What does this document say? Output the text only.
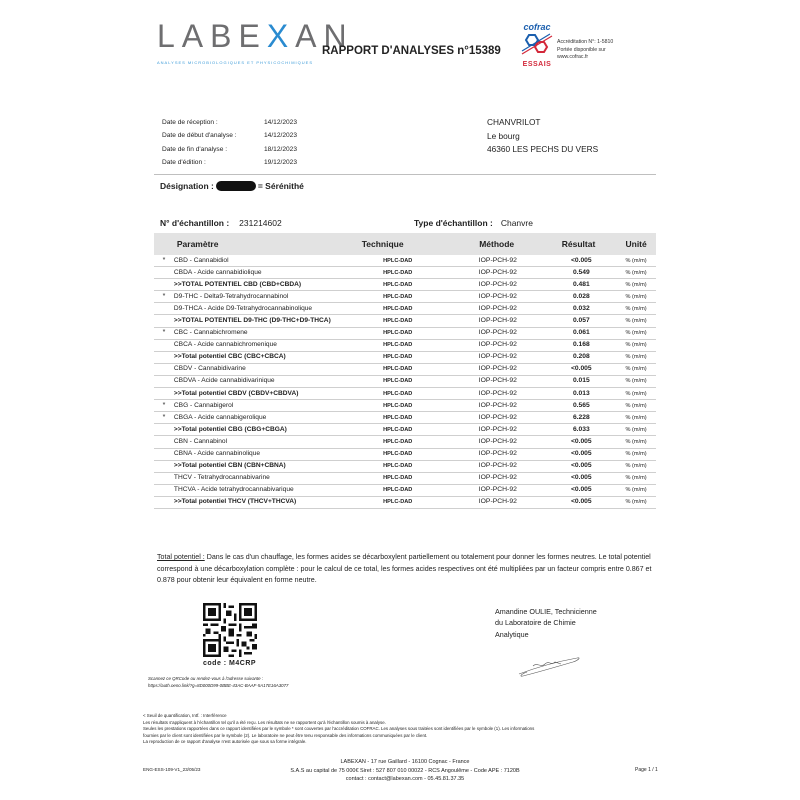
LABEXAN
ANALYSES MICROBIOLOGIQUES ET PHYSICOCHIMIQUES
RAPPORT D'ANALYSES n°15389
cofrac
ESSAIS
Accréditation N°: 1-5810
Portée disponible sur
www.cofrac.fr
Date de réception :	14/12/2023
Date de début d'analyse :	14/12/2023
Date de fin d'analyse :	18/12/2023
Date d'édition :	19/12/2023
CHANVRILOT
Le bourg
46360 LES PECHS DU VERS
Désignation :	= Sérénithé
N° d'échantillon : 231214602	Type d'échantillon : Chanvre
Paramètre	Technique	Méthode	Résultat	Unité
*	CBD - Cannabidiol	HPLC-DAD	IOP-PCH-92	<0.005	% (m/m)
CBDA - Acide cannabidiolique	HPLC-DAD	IOP-PCH-92	0.549	% (m/m)
>>TOTAL POTENTIEL CBD (CBD+CBDA)	HPLC-DAD	IOP-PCH-92	0.481	% (m/m)
*	D9-THC - Delta9-Tetrahydrocannabinol	HPLC-DAD	IOP-PCH-92	0.028	% (m/m)
D9-THCA - Acide D9-Tetrahydrocannabinolique	HPLC-DAD	IOP-PCH-92	0.032	% (m/m)
>>TOTAL POTENTIEL D9-THC (D9-THC+D9-THCA)	HPLC-DAD	IOP-PCH-92	0.057	% (m/m)
*	CBC - Cannabichromene	HPLC-DAD	IOP-PCH-92	0.061	% (m/m)
CBCA - Acide cannabichromenique	HPLC-DAD	IOP-PCH-92	0.168	% (m/m)
>>Total potentiel CBC (CBC+CBCA)	HPLC-DAD	IOP-PCH-92	0.208	% (m/m)
CBDV - Cannabidivarine	HPLC-DAD	IOP-PCH-92	<0.005	% (m/m)
CBDVA - Acide cannabidivarinique	HPLC-DAD	IOP-PCH-92	0.015	% (m/m)
>>Total potentiel CBDV (CBDV+CBDVA)	HPLC-DAD	IOP-PCH-92	0.013	% (m/m)
*	CBG - Cannabigerol	HPLC-DAD	IOP-PCH-92	0.565	% (m/m)
*	CBGA - Acide cannabigerolique	HPLC-DAD	IOP-PCH-92	6.228	% (m/m)
>>Total potentiel CBG (CBG+CBGA)	HPLC-DAD	IOP-PCH-92	6.033	% (m/m)
CBN - Cannabinol	HPLC-DAD	IOP-PCH-92	<0.005	% (m/m)
CBNA - Acide cannabinolique	HPLC-DAD	IOP-PCH-92	<0.005	% (m/m)
>>Total potentiel CBN (CBN+CBNA)	HPLC-DAD	IOP-PCH-92	<0.005	% (m/m)
THCV - Tetrahydrocannabivarine	HPLC-DAD	IOP-PCH-92	<0.005	% (m/m)
THCVA - Acide tetrahydrocannabivarique	HPLC-DAD	IOP-PCH-92	<0.005	% (m/m)
>>Total potentiel THCV (THCV+THCVA)	HPLC-DAD	IOP-PCH-92	<0.005	% (m/m)
Total potentiel : Dans le cas d'un chauffage, les formes acides se décarboxylent partiellement ou totalement pour donner les formes neutres. Le total potentiel correspond à une décarboxylation complète : pour le calcul de ce total, les formes acides respectives ont été multipliées par un facteur compris entre 0.867 et 0.878 pour obtenir leur équivalent en forme neutre.
code : M4CRP
Scannez ce QRCode ou rendez-vous à l'adresse suivante :
https://auth.oeno.link/?g=8D000D99-0BBE-43AC-BAAF-5A17E16A3077
Amandine OULIE, Technicienne
du Laboratoire de Chimie
Analytique
< Seuil de quantification, Intf. : Interférence
Les résultats s'appliquent à l'échantillon tel qu'il a été reçu. Les résultats ne se rapportent qu'à l'échantillon soumis à analyse.
Seules les prestations rapportées dans ce rapport identifiées par le symbole * sont couvertes par l'accréditation COFRAC. Les analyses sous traitées sont identifiées par le symbole (1). Les informations
fournies par le client sont identifiées par le symbole (2). Le laboratoire ne peut être tenu responsable des informations communiquées par le client.
La reproduction de ce rapport d'analyse n'est autorisée que sous sa forme intégrale.
ENG-ESS-109-V1_23/05/23
LABEXAN - 17 rue Gaillard - 16100 Cognac - France
S.A.S au capital de 75 000€ Siret : 527 807 010 00022 - RCS Angoulême - Code APE : 7120B
contact : contact@labexan.com - 05.45.81.37.35
Page 1 / 1
